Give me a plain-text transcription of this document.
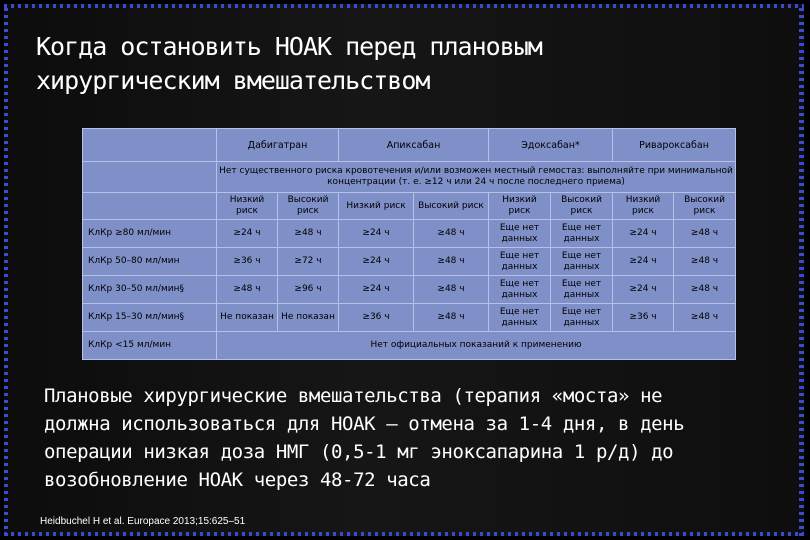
Когда остановить НОАК перед плановым
хирургическим вмешательством
	Дабигатран		Апиксабан		Эдоксабан*		Ривароксабан	
	Нет существенного риска кровотечения и/или возможен местный гемостаз: выполняйте при минимальной концентрации (т. е. ≥12 ч или 24 ч после последнего приема)							
	Низкий риск	Высокий риск	Низкий риск	Высокий риск	Низкий риск	Высокий риск	Низкий риск	Высокий риск
КлКр ≥80 мл/мин	≥24 ч	≥48 ч	≥24 ч	≥48 ч	Еще нет данных	Еще нет данных	≥24 ч	≥48 ч
КлКр 50–80 мл/мин	≥36 ч	≥72 ч	≥24 ч	≥48 ч	Еще нет данных	Еще нет данных	≥24 ч	≥48 ч
КлКр 30–50 мл/мин§	≥48 ч	≥96 ч	≥24 ч	≥48 ч	Еще нет данных	Еще нет данных	≥24 ч	≥48 ч
КлКр 15–30 мл/мин§	Не показан	Не показан	≥36 ч	≥48 ч	Еще нет данных	Еще нет данных	≥36 ч	≥48 ч
КлКр <15 мл/мин	Нет официальных показаний к применению							
Плановые хирургические вмешательства (терапия «моста» не
должна использоваться для НОАК – отмена за 1-4 дня, в день
операции низкая доза НМГ (0,5-1 мг эноксапарина 1 р/д) до
возобновление НОАК через 48-72 часа
Heidbuchel H et al. Europace 2013;15:625–51
